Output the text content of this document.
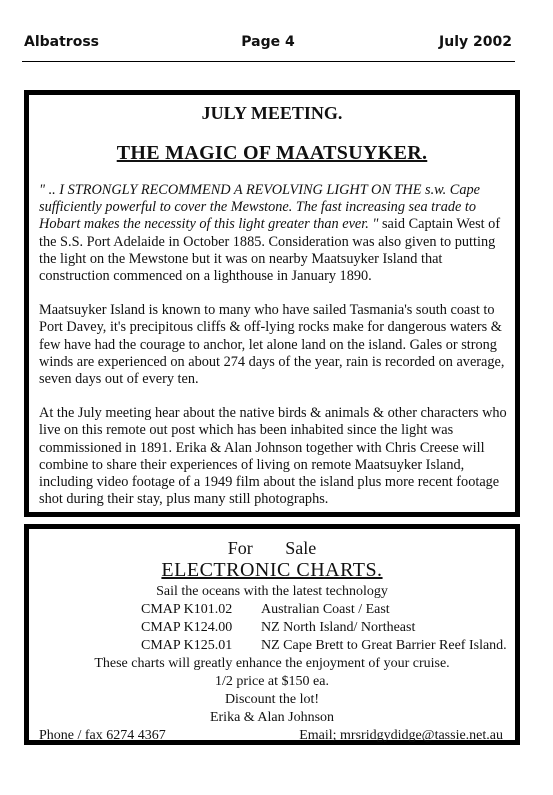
Albatross	Page 4	July 2002
JULY MEETING.
THE MAGIC OF MAATSUYKER.

" .. I STRONGLY RECOMMEND A REVOLVING LIGHT ON THE s.w. Cape sufficiently powerful to cover the Mewstone. The fast increasing sea trade to Hobart makes the necessity of this light greater than ever. " said Captain West of the S.S. Port Adelaide in October 1885. Consideration was also given to putting the light on the Mewstone but it was on nearby Maatsuyker Island that construction commenced on a lighthouse in January 1890.

Maatsuyker Island is known to many who have sailed Tasmania's south coast to Port Davey, it's precipitous cliffs & off-lying rocks make for dangerous waters & few have had the courage to anchor, let alone land on the island. Gales or strong winds are experienced on about 274 days of the year, rain is recorded on average, seven days out of every ten.

At the July meeting hear about the native birds & animals & other characters who live on this remote out post which has been inhabited since the light was commissioned in 1891. Erika & Alan Johnson together with Chris Creese will combine to share their experiences of living on remote Maatsuyker Island, including video footage of a 1949 film about the island plus more recent footage shot during their stay, plus many still photographs.

For Sale
ELECTRONIC CHARTS.
Sail the oceans with the latest technology
CMAP K101.02 Australian Coast / East
CMAP K124.00 NZ North Island/ Northeast
CMAP K125.01 NZ Cape Brett to Great Barrier Reef Island.
These charts will greatly enhance the enjoyment of your cruise.
1/2 price at $150 ea.
Discount the lot!
Erika & Alan Johnson
Phone / fax 6274 4367	Email; mrsridgydidge@tassie.net.au
